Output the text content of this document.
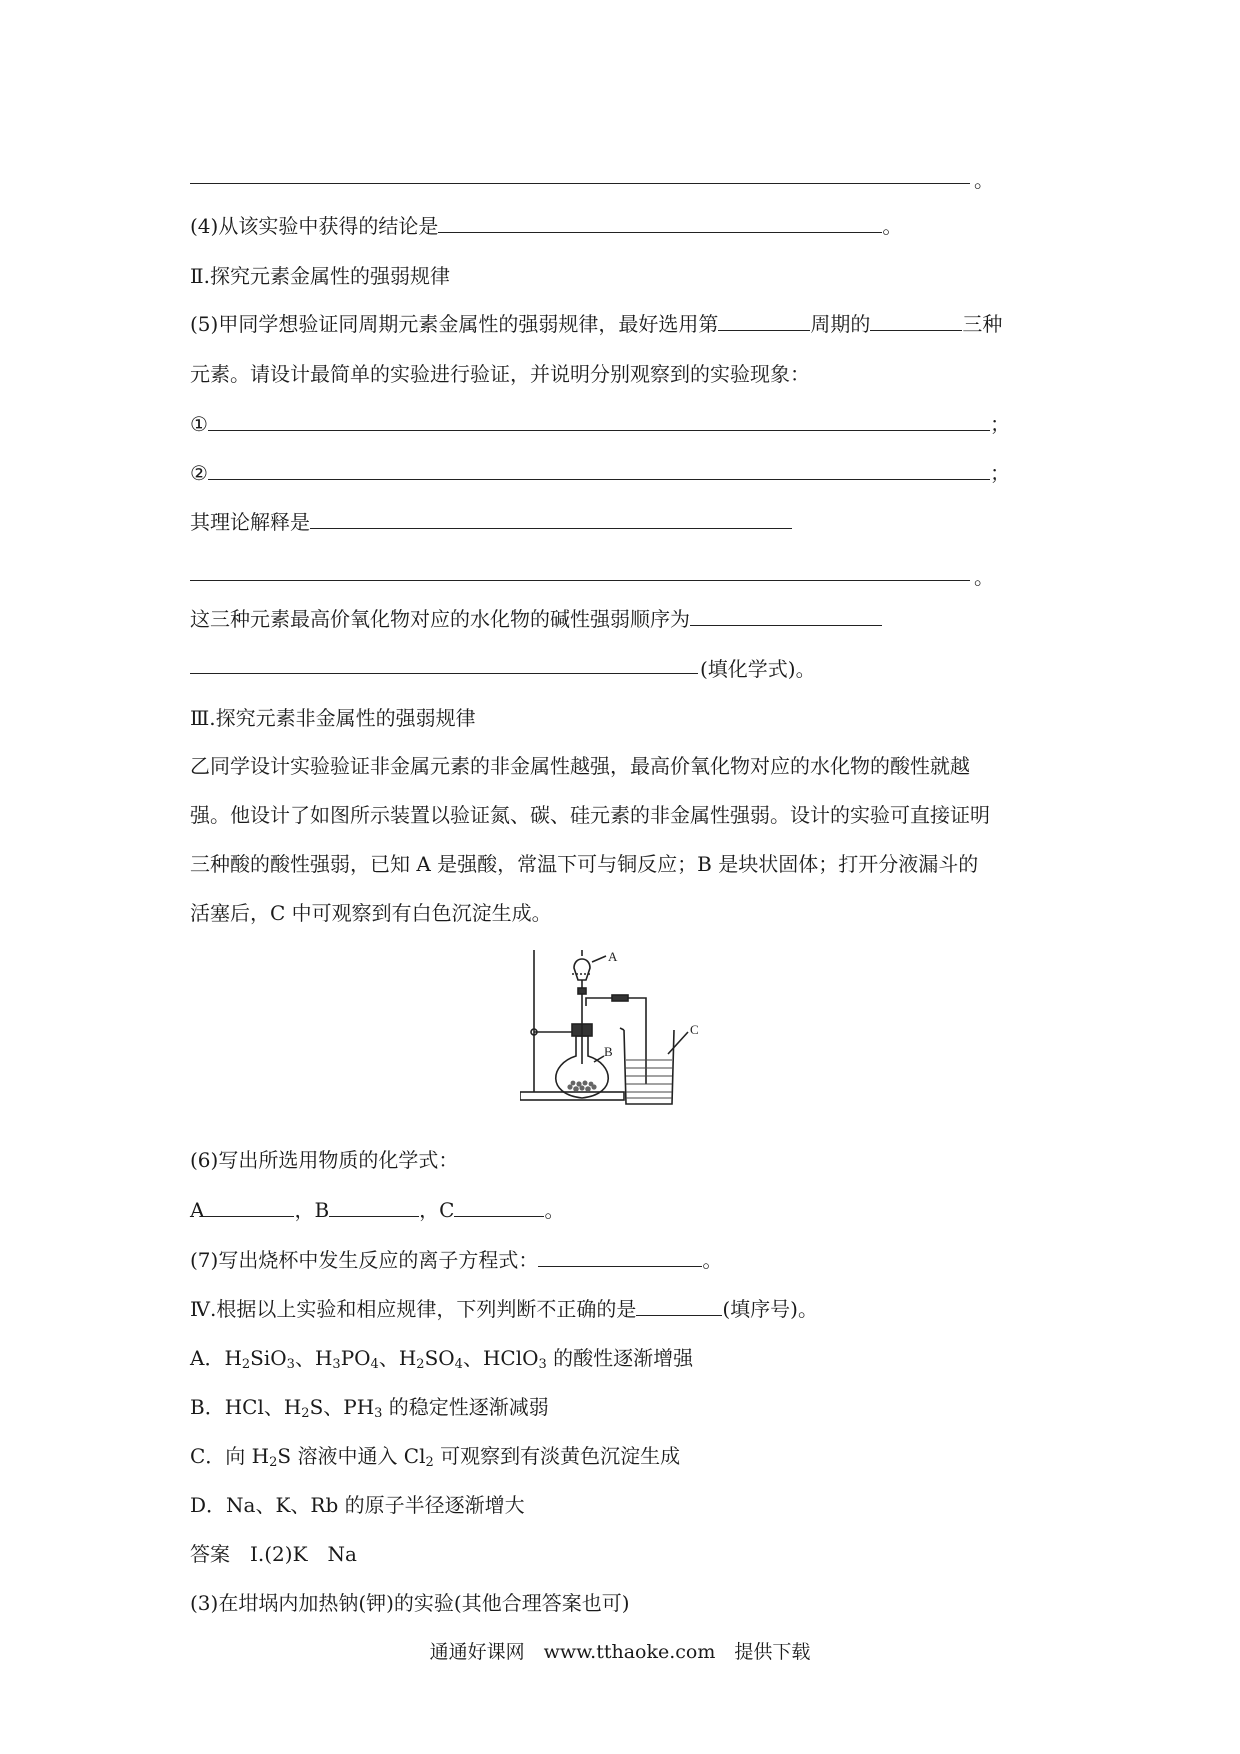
。
(4)从该实验中获得的结论是	。
Ⅱ.探究元素金属性的强弱规律
(5)甲同学想验证同周期元素金属性的强弱规律，最好选用第	周期的	三种
元素。请设计最简单的实验进行验证，并说明分别观察到的实验现象：
①	；
②	；
其理论解释是
。
这三种元素最高价氧化物对应的水化物的碱性强弱顺序为
(填化学式)。
Ⅲ.探究元素非金属性的强弱规律
乙同学设计实验验证非金属元素的非金属性越强，最高价氧化物对应的水化物的酸性就越
强。他设计了如图所示装置以验证氮、碳、硅元素的非金属性强弱。设计的实验可直接证明
三种酸的酸性强弱，已知 A 是强酸，常温下可与铜反应；B 是块状固体；打开分液漏斗的
活塞后，C 中可观察到有白色沉淀生成。
A
B
C
(6)写出所选用物质的化学式：
A	，B	，C	。
(7)写出烧杯中发生反应的离子方程式：	。
Ⅳ.根据以上实验和相应规律，下列判断不正确的是	(填序号)。
A．$H_2SiO_3$、$H_3PO_4$、$H_2SO_4$、HClO$_3$ 的酸性逐渐增强
B．HCl、$H_2S$、$PH_3$ 的稳定性逐渐减弱
C．向 $H_2S$ 溶液中通入 $Cl_2$ 可观察到有淡黄色沉淀生成
D．Na、K、Rb 的原子半径逐渐增大
答案　Ⅰ.(2)K　Na
(3)在坩埚内加热钠(钾)的实验(其他合理答案也可)
通通好课网　www.tthaoke.com　提供下载
